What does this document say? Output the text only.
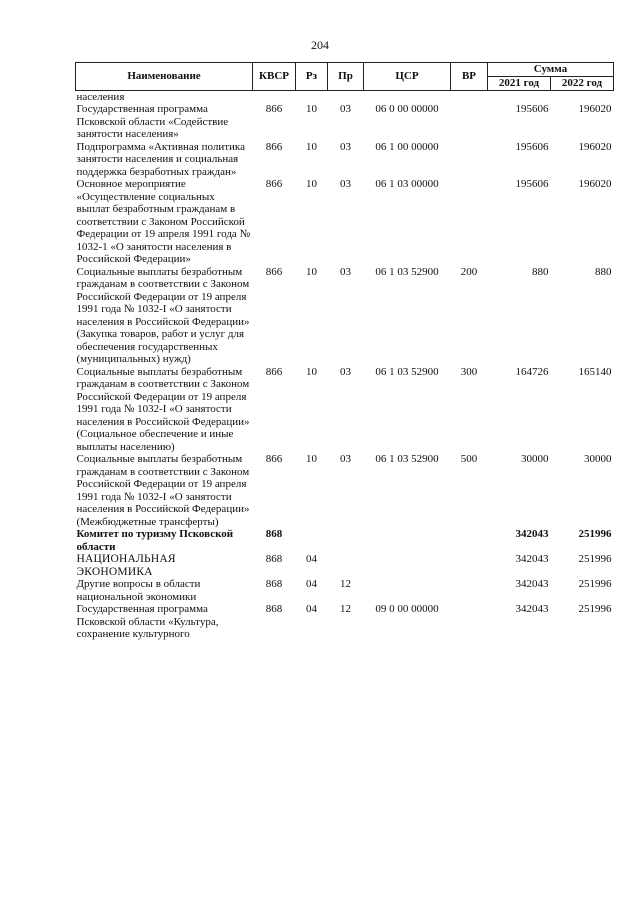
204
Наименование	КВСР	Рз	Пр	ЦСР	ВР	Сумма	
						2021 год	2022 год
населения							
Государственная программа Псковской области «Содействие занятости населения»	866	10	03	06 0 00 00000		195606	196020
Подпрограмма «Активная политика занятости населения и социальная поддержка безработных граждан»	866	10	03	06 1 00 00000		195606	196020
Основное мероприятие «Осуществление социальных выплат безработным гражданам в соответствии с Законом Российской Федерации от 19 апреля 1991 года № 1032-1 «О занятости населения в Российской Федерации»	866	10	03	06 1 03 00000		195606	196020
Социальные выплаты безработным гражданам в соответствии с Законом Российской Федерации от 19 апреля 1991 года № 1032-I «О занятости населения в Российской Федерации» (Закупка товаров, работ и услуг для обеспечения государственных (муниципальных) нужд)	866	10	03	06 1 03 52900	200	880	880
Социальные выплаты безработным гражданам в соответствии с Законом Российской Федерации от 19 апреля 1991 года № 1032-I «О занятости населения в Российской Федерации» (Социальное обеспечение и иные выплаты населению)	866	10	03	06 1 03 52900	300	164726	165140
Социальные выплаты безработным гражданам в соответствии с Законом Российской Федерации от 19 апреля 1991 года № 1032-I «О занятости населения в Российской Федерации» (Межбюджетные трансферты)	866	10	03	06 1 03 52900	500	30000	30000
Комитет по туризму Псковской области	868					342043	251996
НАЦИОНАЛЬНАЯ ЭКОНОМИКА	868	04				342043	251996
Другие вопросы в области национальной экономики	868	04	12			342043	251996
Государственная программа Псковской области «Культура, сохранение культурного	868	04	12	09 0 00 00000		342043	251996
